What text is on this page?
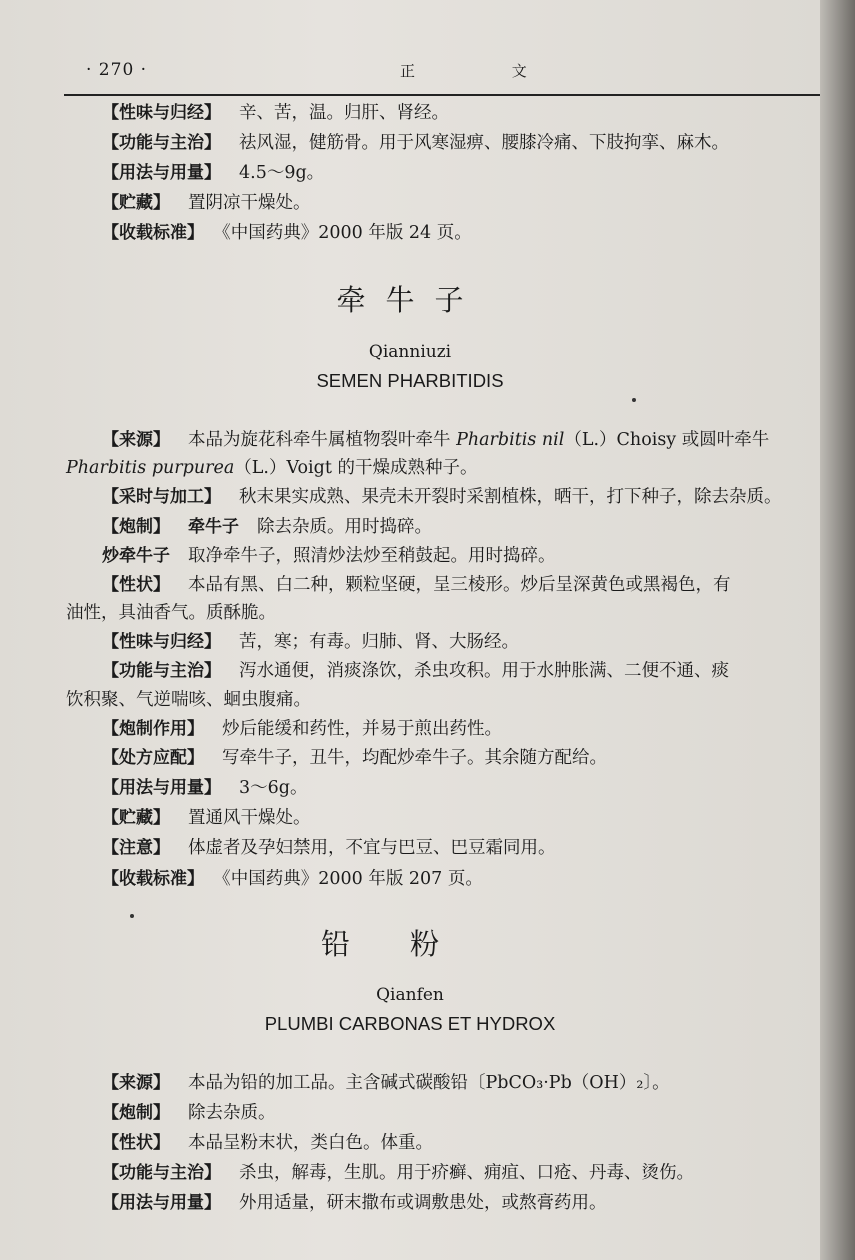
· 270 ·	正 文
【性味与归经】 辛、苦，温。归肝、肾经。
【功能与主治】 祛风湿，健筋骨。用于风寒湿痹、腰膝冷痛、下肢拘挛、麻木。
【用法与用量】 4.5～9g。
【贮藏】 置阴凉干燥处。
【收载标准】 《中国药典》2000 年版 24 页。
牵牛子
Qianniuzi
SEMEN PHARBITIDIS
【来源】 本品为旋花科牵牛属植物裂叶牵牛 Pharbitis nil（L.）Choisy 或圆叶牵牛
Pharbitis purpurea（L.）Voigt 的干燥成熟种子。
【采时与加工】 秋末果实成熟、果壳未开裂时采割植株，晒干，打下种子，除去杂质。
【炮制】 牵牛子 除去杂质。用时捣碎。
炒牵牛子 取净牵牛子，照清炒法炒至稍鼓起。用时捣碎。
【性状】 本品有黑、白二种，颗粒坚硬，呈三棱形。炒后呈深黄色或黑褐色，有
油性，具油香气。质酥脆。
【性味与归经】 苦，寒；有毒。归肺、肾、大肠经。
【功能与主治】 泻水通便，消痰涤饮，杀虫攻积。用于水肿胀满、二便不通、痰
饮积聚、气逆喘咳、蛔虫腹痛。
【炮制作用】 炒后能缓和药性，并易于煎出药性。
【处方应配】 写牵牛子，丑牛，均配炒牵牛子。其余随方配给。
【用法与用量】 3～6g。
【贮藏】 置通风干燥处。
【注意】 体虚者及孕妇禁用，不宜与巴豆、巴豆霜同用。
【收载标准】 《中国药典》2000 年版 207 页。
铅粉
Qianfen
PLUMBI CARBONAS ET HYDROX
【来源】 本品为铅的加工品。主含碱式碳酸铅〔PbCO₃·Pb（OH）₂〕。
【炮制】 除去杂质。
【性状】 本品呈粉末状，类白色。体重。
【功能与主治】 杀虫，解毒，生肌。用于疥癣、痈疽、口疮、丹毒、烫伤。
【用法与用量】 外用适量，研末撒布或调敷患处，或熬膏药用。
